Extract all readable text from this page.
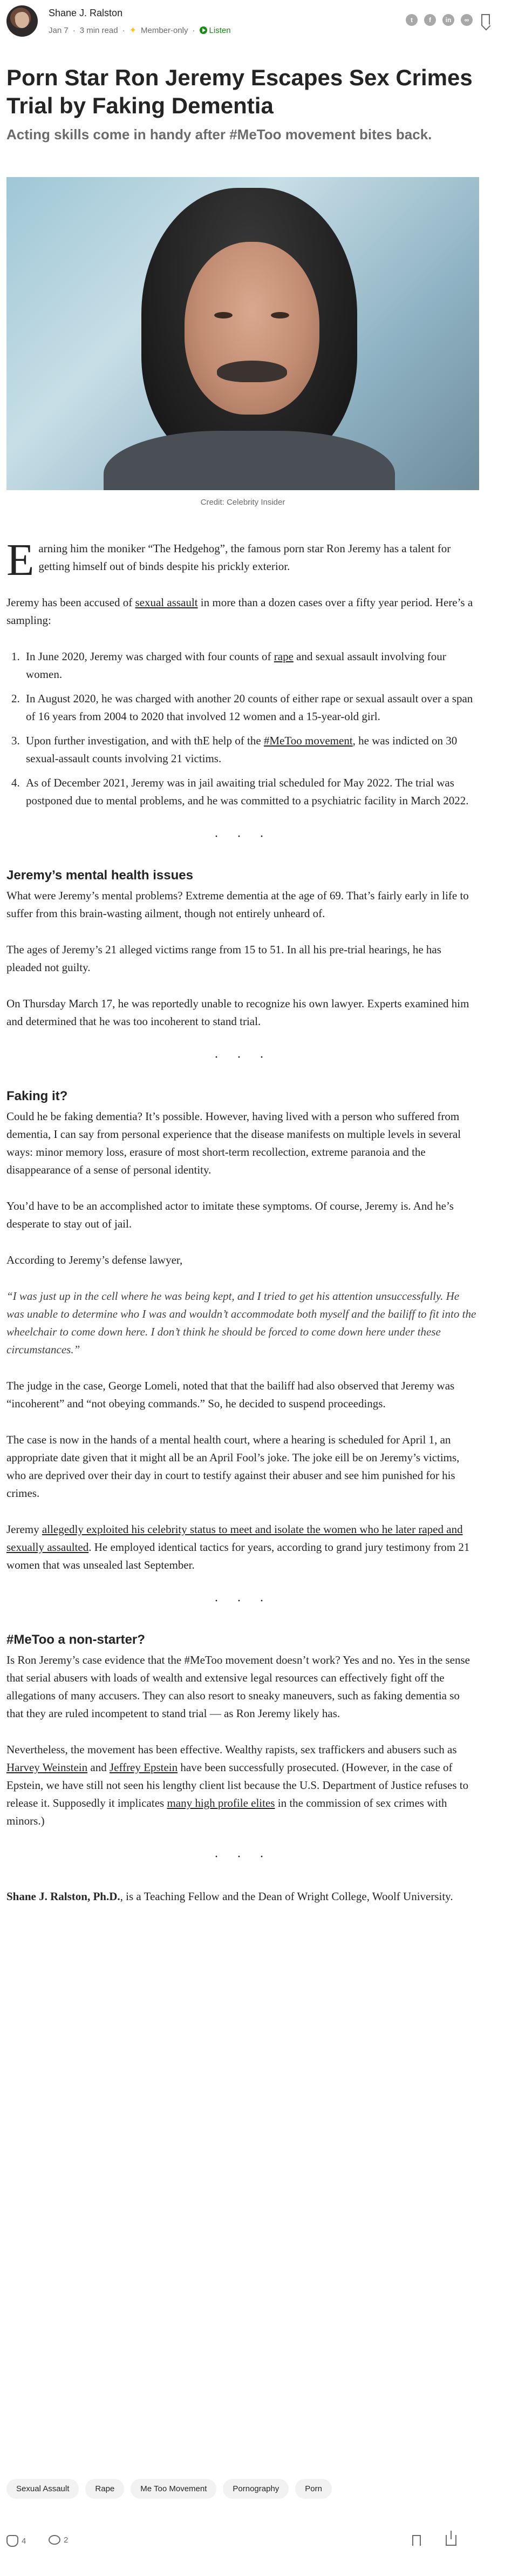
Shane J. Ralston
Jan 7 · 3 min read · ✦ Member-only · Listen
t	f	in	∞
Porn Star Ron Jeremy Escapes Sex Crimes Trial by Faking Dementia
Acting skills come in handy after #MeToo movement bites back.
Credit: Celebrity Insider

Earning him the moniker “The Hedgehog”, the famous porn star Ron Jeremy has a talent for getting himself out of binds despite his prickly exterior.

Jeremy has been accused of sexual assault in more than a dozen cases over a fifty year period. Here’s a sampling:

1. In June 2020, Jeremy was charged with four counts of rape and sexual assault involving four women.
2. In August 2020, he was charged with another 20 counts of either rape or sexual assault over a span of 16 years from 2004 to 2020 that involved 12 women and a 15-year-old girl.
3. Upon further investigation, and with thE help of the #MeToo movement, he was indicted on 30 sexual-assault counts involving 21 victims.
4. As of December 2021, Jeremy was in jail awaiting trial scheduled for May 2022. The trial was postponed due to mental problems, and he was committed to a psychiatric facility in March 2022.
· · ·
Jeremy’s mental health issues

What were Jeremy’s mental problems? Extreme dementia at the age of 69. That’s fairly early in life to suffer from this brain-wasting ailment, though not entirely unheard of.

The ages of Jeremy’s 21 alleged victims range from 15 to 51. In all his pre-trial hearings, he has pleaded not guilty.

On Thursday March 17, he was reportedly unable to recognize his own lawyer. Experts examined him and determined that he was too incoherent to stand trial.

· · ·
Faking it?

Could he be faking dementia? It’s possible. However, having lived with a person who suffered from dementia, I can say from personal experience that the disease manifests on multiple levels in several ways: minor memory loss, erasure of most short-term recollection, extreme paranoia and the disappearance of a sense of personal identity.

You’d have to be an accomplished actor to imitate these symptoms. Of course, Jeremy is. And he’s desperate to stay out of jail.

According to Jeremy’s defense lawyer,

“I was just up in the cell where he was being kept, and I tried to get his attention unsuccessfully. He was unable to determine who I was and wouldn’t accommodate both myself and the bailiff to fit into the wheelchair to come down here. I don’t think he should be forced to come down here under these circumstances.”

The judge in the case, George Lomeli, noted that that the bailiff had also observed that Jeremy was “incoherent” and “not obeying commands.” So, he decided to suspend proceedings.

The case is now in the hands of a mental health court, where a hearing is scheduled for April 1, an appropriate date given that it might all be an April Fool’s joke. The joke eill be on Jeremy’s victims, who are deprived over their day in court to testify against their abuser and see him punished for his crimes.

Jeremy allegedly exploited his celebrity status to meet and isolate the women who he later raped and sexually assaulted. He employed identical tactics for years, according to grand jury testimony from 21 women that was unsealed last September.

· · ·
#MeToo a non-starter?

Is Ron Jeremy’s case evidence that the #MeToo movement doesn’t work? Yes and no. Yes in the sense that serial abusers with loads of wealth and extensive legal resources can effectively fight off the allegations of many accusers. They can also resort to sneaky maneuvers, such as faking dementia so that they are ruled incompetent to stand trial — as Ron Jeremy likely has.

Nevertheless, the movement has been effective. Wealthy rapists, sex traffickers and abusers such as Harvey Weinstein and Jeffrey Epstein have been successfully prosecuted. (However, in the case of Epstein, we have still not seen his lengthy client list because the U.S. Department of Justice refuses to release it. Supposedly it implicates many high profile elites in the commission of sex crimes with minors.)

· · ·

Shane J. Ralston, Ph.D., is a Teaching Fellow and the Dean of Wright College, Woolf University.

Sexual Assault	Rape	Me Too Movement	Pornography	Porn
4	2
